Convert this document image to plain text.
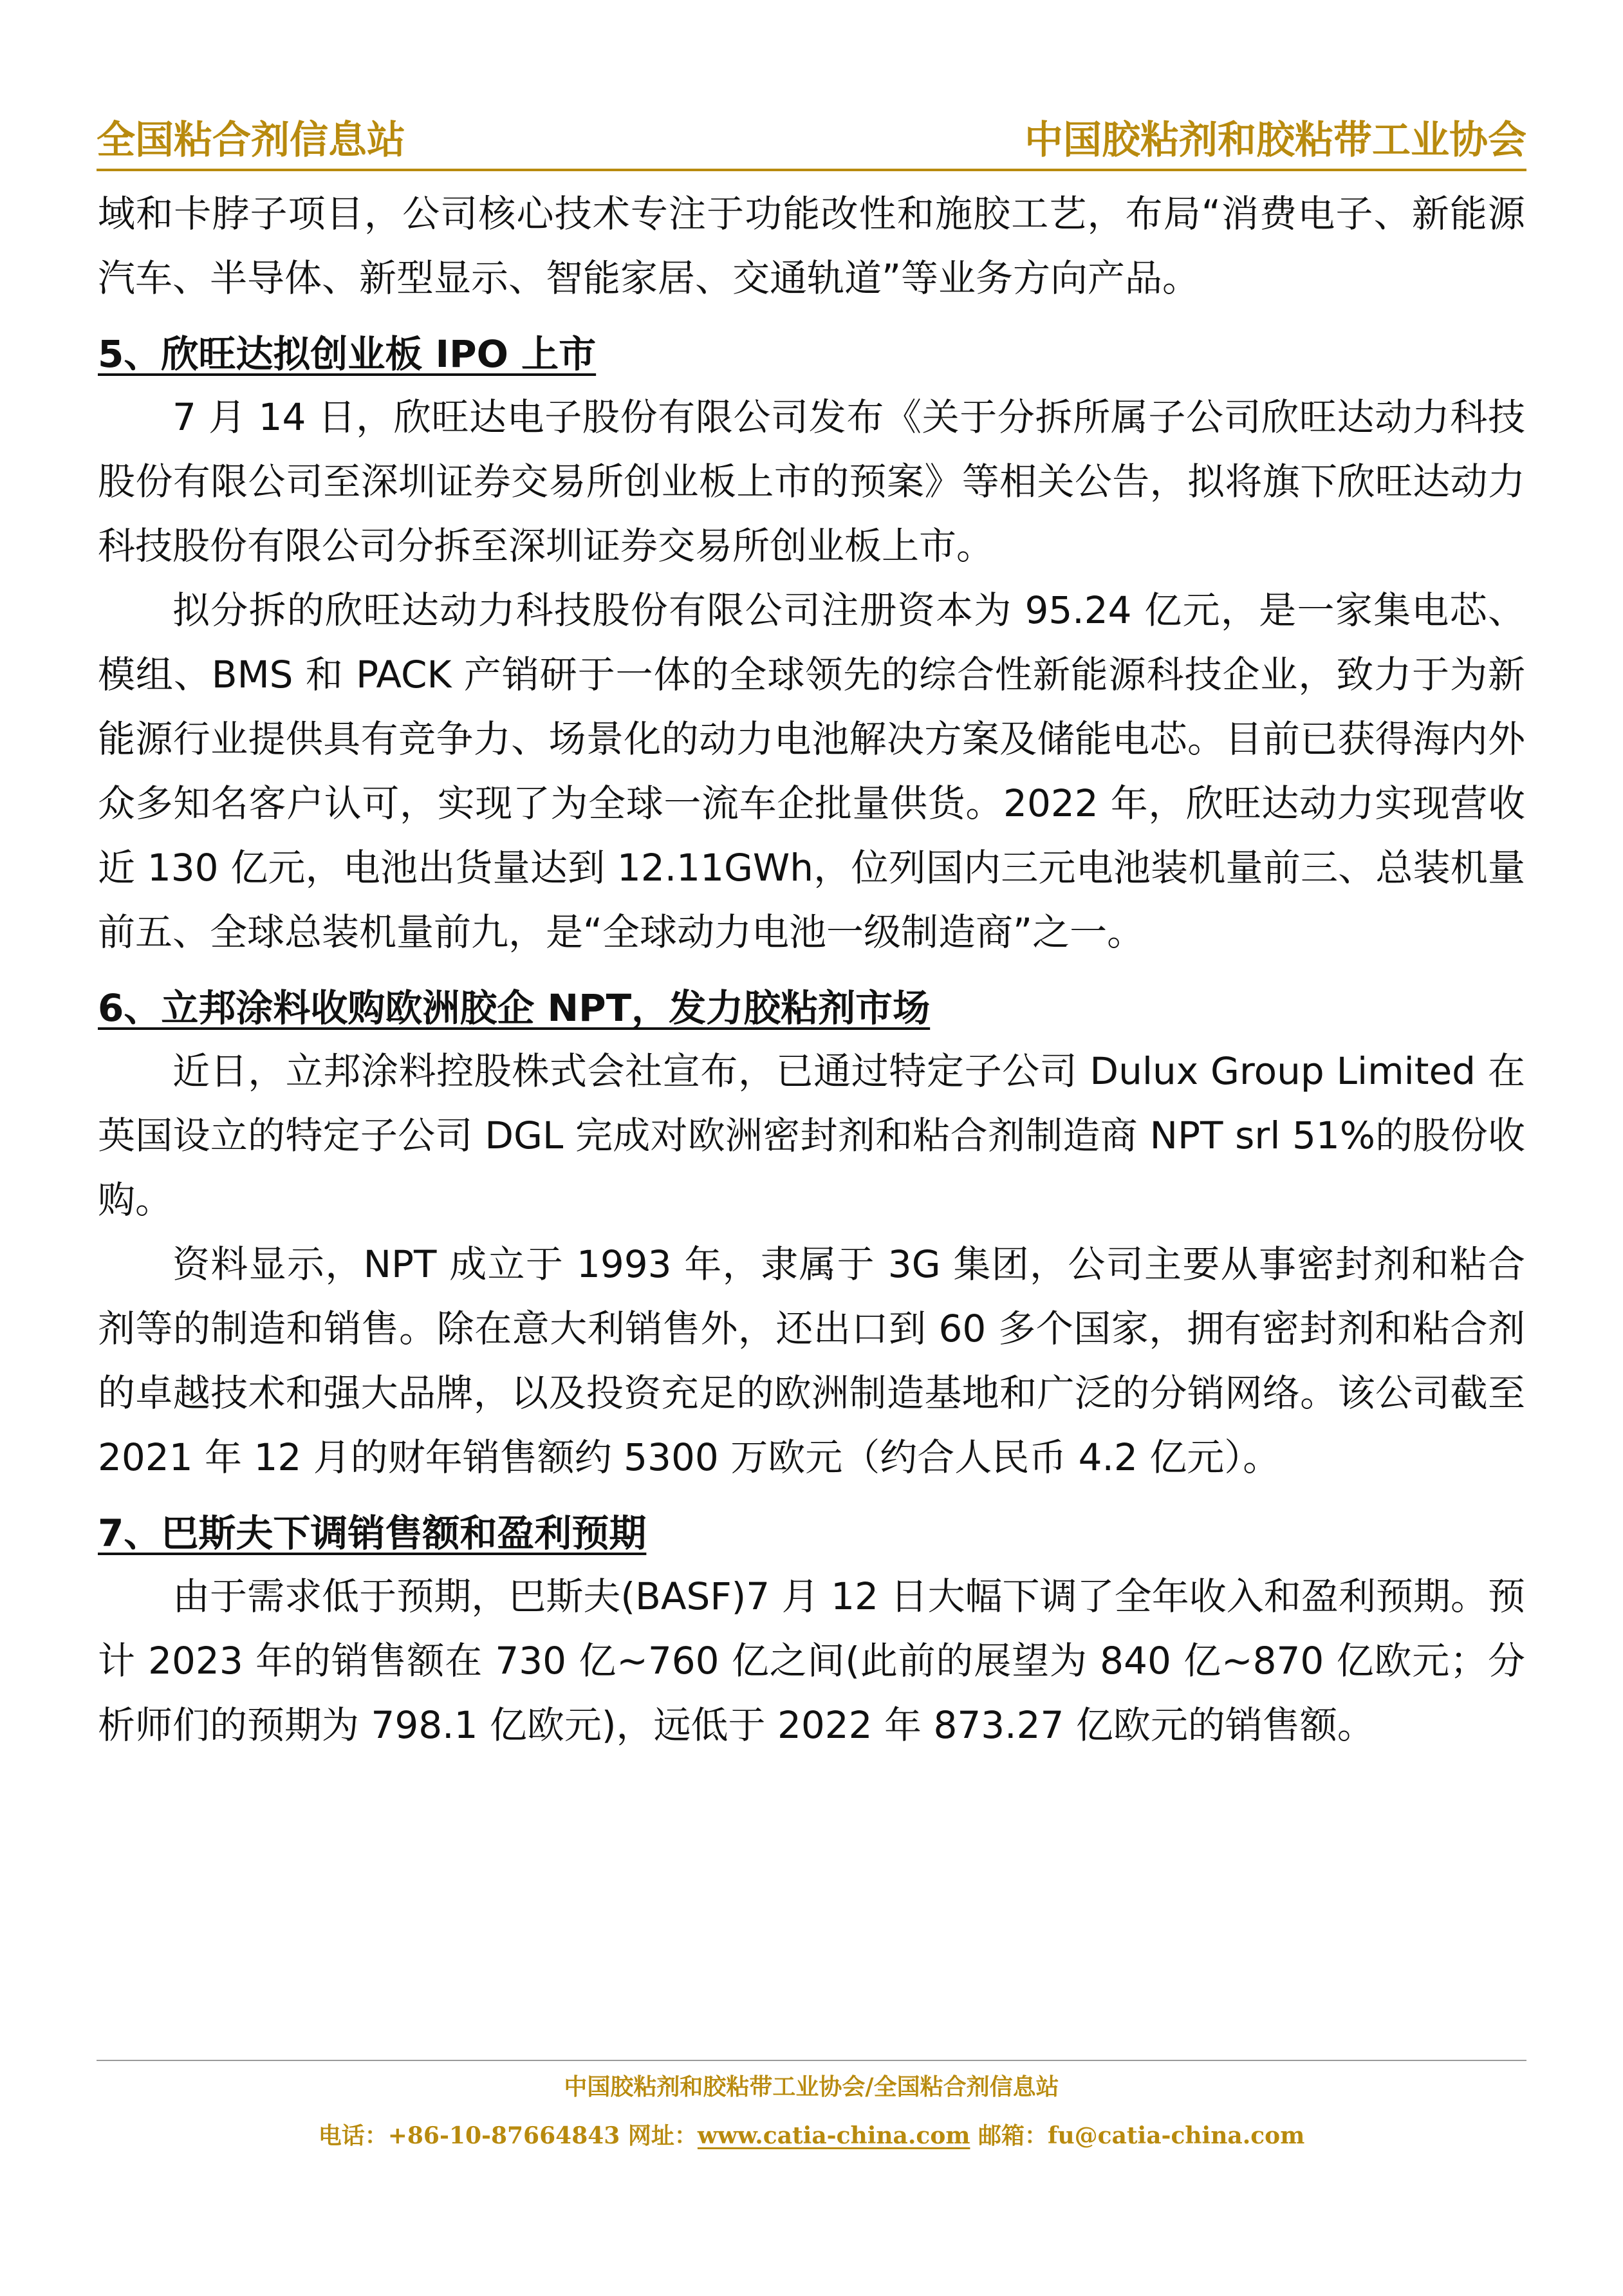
全国粘合剂信息站	中国胶粘剂和胶粘带工业协会

域和卡脖子项目，公司核心技术专注于功能改性和施胶工艺，布局“消费电子、新能源汽车、半导体、新型显示、智能家居、交通轨道”等业务方向产品。

5、欣旺达拟创业板 IPO 上市

7 月 14 日，欣旺达电子股份有限公司发布《关于分拆所属子公司欣旺达动力科技股份有限公司至深圳证券交易所创业板上市的预案》等相关公告，拟将旗下欣旺达动力科技股份有限公司分拆至深圳证券交易所创业板上市。

拟分拆的欣旺达动力科技股份有限公司注册资本为 95.24 亿元，是一家集电芯、模组、BMS 和 PACK 产销研于一体的全球领先的综合性新能源科技企业，致力于为新能源行业提供具有竞争力、场景化的动力电池解决方案及储能电芯。目前已获得海内外众多知名客户认可，实现了为全球一流车企批量供货。2022 年，欣旺达动力实现营收近 130 亿元，电池出货量达到 12.11GWh，位列国内三元电池装机量前三、总装机量前五、全球总装机量前九，是“全球动力电池一级制造商”之一。

6、立邦涂料收购欧洲胶企 NPT，发力胶粘剂市场

近日，立邦涂料控股株式会社宣布，已通过特定子公司 Dulux Group Limited 在英国设立的特定子公司 DGL 完成对欧洲密封剂和粘合剂制造商 NPT srl 51%的股份收购。

资料显示，NPT 成立于 1993 年，隶属于 3G 集团，公司主要从事密封剂和粘合剂等的制造和销售。除在意大利销售外，还出口到 60 多个国家，拥有密封剂和粘合剂的卓越技术和强大品牌，以及投资充足的欧洲制造基地和广泛的分销网络。该公司截至 2021 年 12 月的财年销售额约 5300 万欧元（约合人民币 4.2 亿元）。

7、巴斯夫下调销售额和盈利预期

由于需求低于预期，巴斯夫(BASF)7 月 12 日大幅下调了全年收入和盈利预期。预计 2023 年的销售额在 730 亿~760 亿之间(此前的展望为 840 亿~870 亿欧元；分析师们的预期为 798.1 亿欧元)，远低于 2022 年 873.27 亿欧元的销售额。

中国胶粘剂和胶粘带工业协会/全国粘合剂信息站
电话：+86-10-87664843 网址：www.catia-china.com 邮箱：fu@catia-china.com
